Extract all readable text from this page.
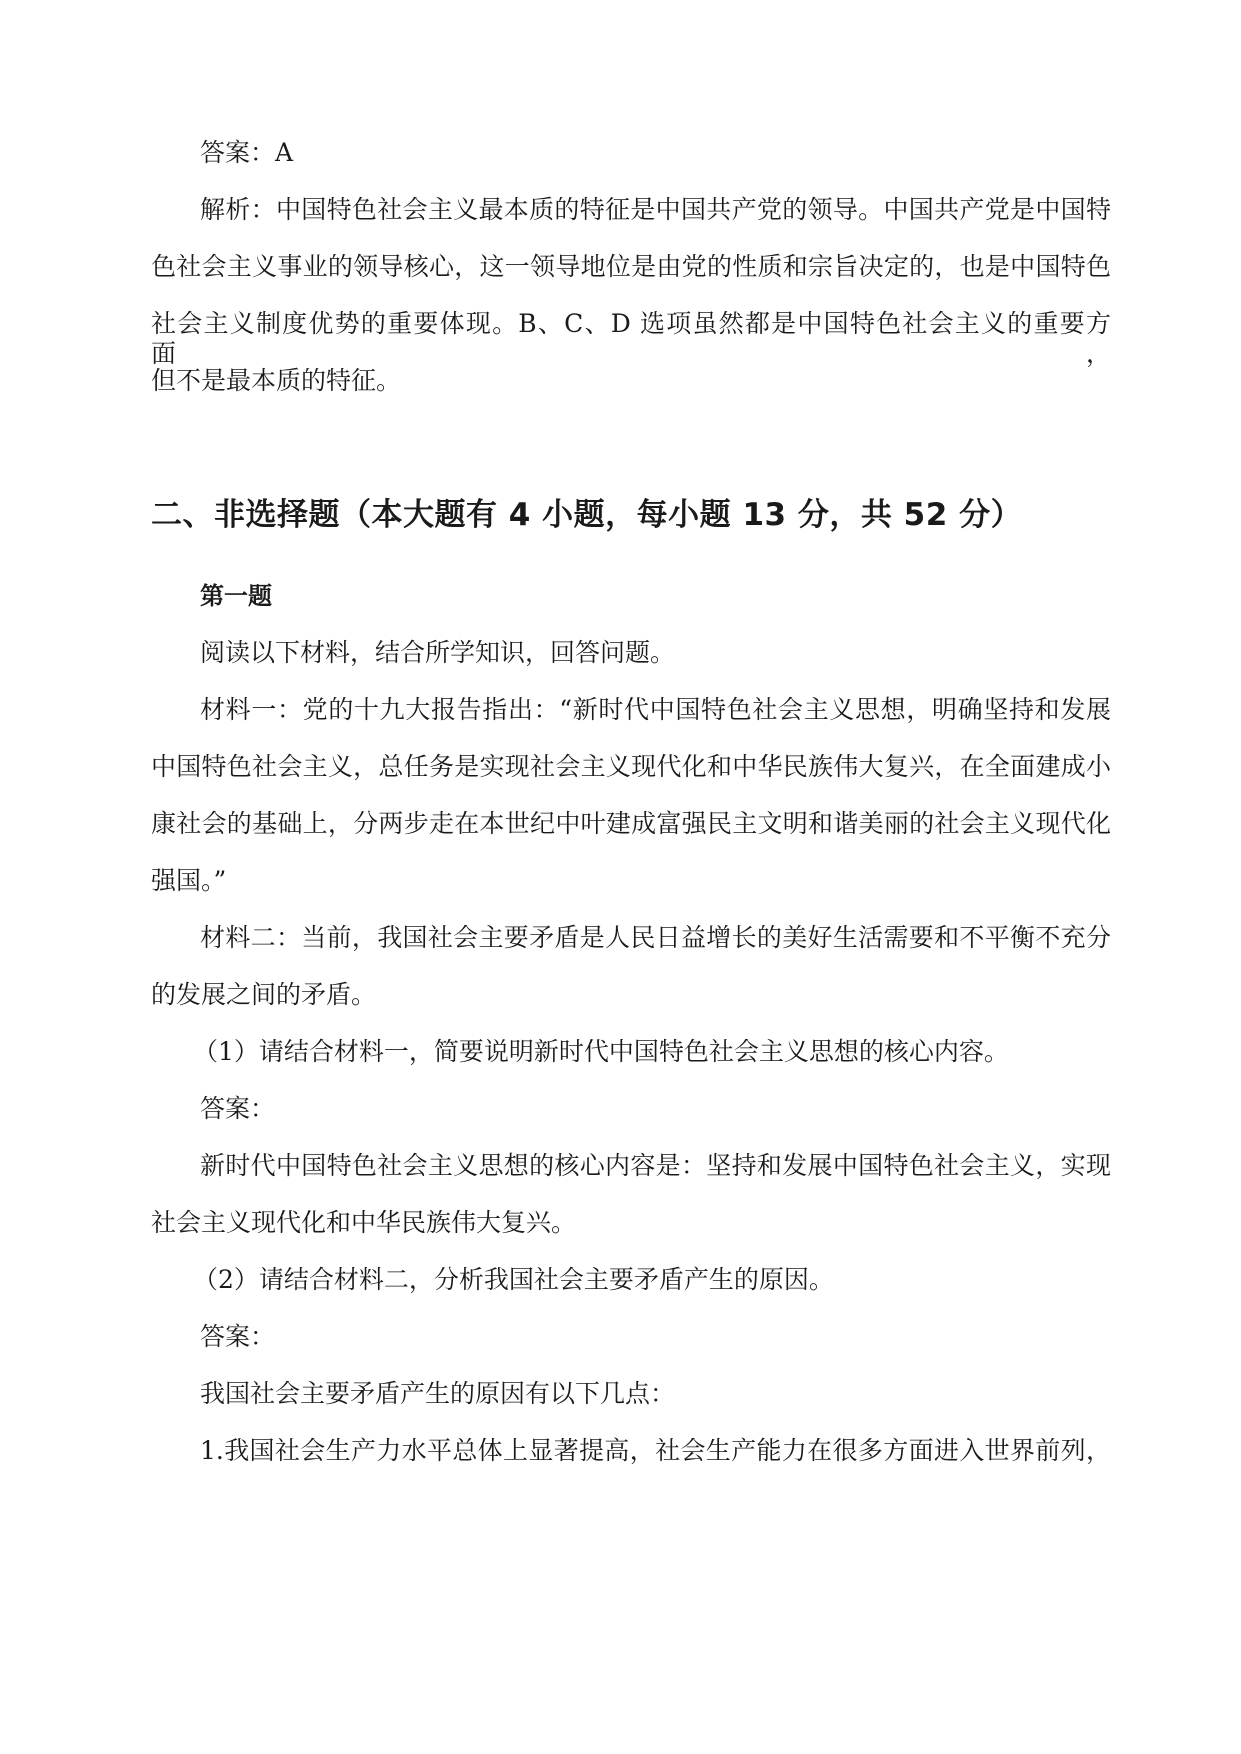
答案：A
解析：中国特色社会主义最本质的特征是中国共产党的领导。中国共产党是中国特
色社会主义事业的领导核心，这一领导地位是由党的性质和宗旨决定的，也是中国特色
社会主义制度优势的重要体现。B、C、D 选项虽然都是中国特色社会主义的重要方面，
但不是最本质的特征。
二、非选择题（本大题有 4 小题，每小题 13 分，共 52 分）
第一题
阅读以下材料，结合所学知识，回答问题。
材料一：党的十九大报告指出：“新时代中国特色社会主义思想，明确坚持和发展
中国特色社会主义，总任务是实现社会主义现代化和中华民族伟大复兴，在全面建成小
康社会的基础上，分两步走在本世纪中叶建成富强民主文明和谐美丽的社会主义现代化
强国。”
材料二：当前，我国社会主要矛盾是人民日益增长的美好生活需要和不平衡不充分
的发展之间的矛盾。
（1）请结合材料一，简要说明新时代中国特色社会主义思想的核心内容。
答案：
新时代中国特色社会主义思想的核心内容是：坚持和发展中国特色社会主义，实现
社会主义现代化和中华民族伟大复兴。
（2）请结合材料二，分析我国社会主要矛盾产生的原因。
答案：
我国社会主要矛盾产生的原因有以下几点：
1.我国社会生产力水平总体上显著提高，社会生产能力在很多方面进入世界前列，
